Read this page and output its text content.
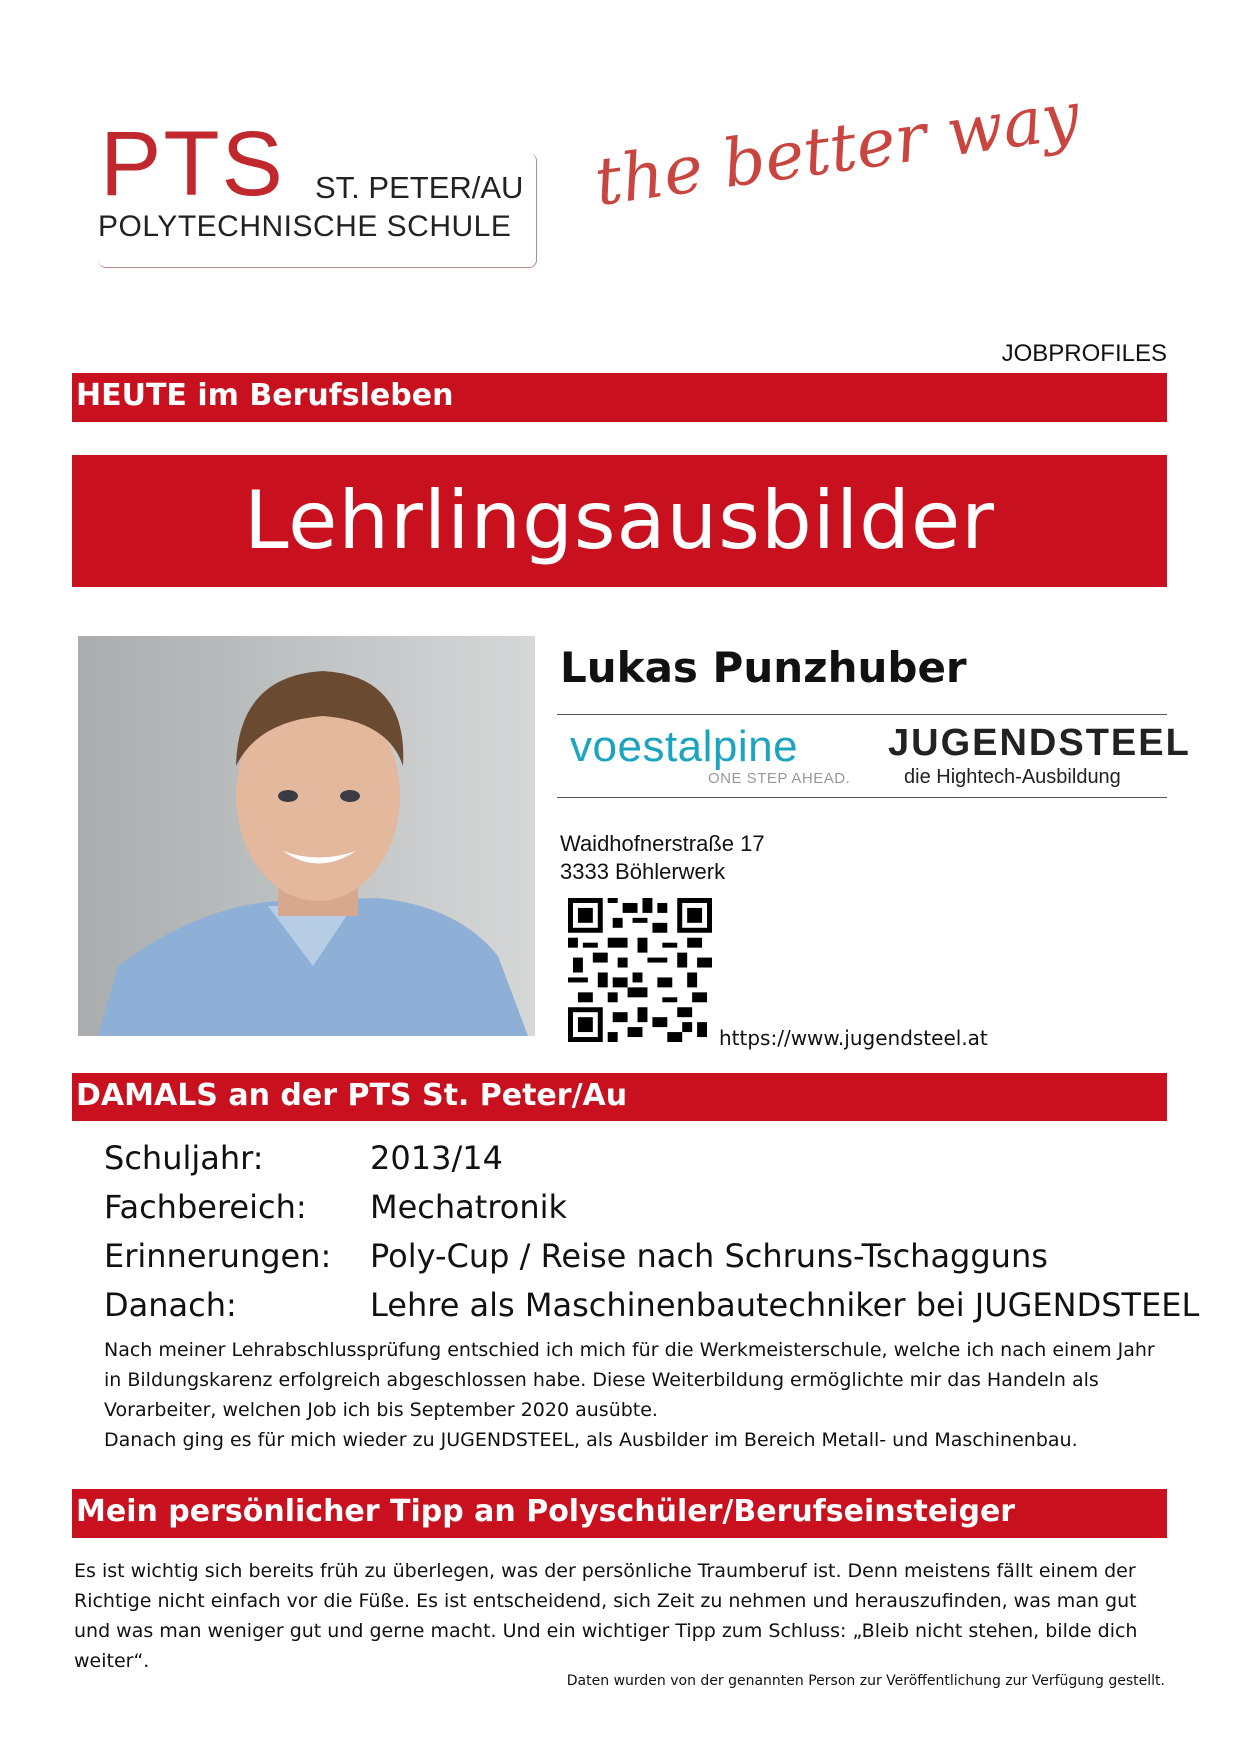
PTS ST. PETER/AU
POLYTECHNISCHE SCHULE
the better way
JOBPROFILES
HEUTE im Berufsleben
Lehrlingsausbilder
Lukas Punzhuber
voestalpine
ONE STEP AHEAD.
JUGENDSTEEL
die Hightech-Ausbildung
Waidhofnerstraße 17
3333 Böhlerwerk
https://www.jugendsteel.at
DAMALS an der PTS St. Peter/Au
Schuljahr:	2013/14
Fachbereich: Mechatronik
Erinnerungen: Poly-Cup / Reise nach Schruns-Tschagguns
Danach:	Lehre als Maschinenbautechniker bei JUGENDSTEEL
Nach meiner Lehrabschlussprüfung entschied ich mich für die Werkmeisterschule, welche ich nach einem Jahr in Bildungskarenz erfolgreich abgeschlossen habe. Diese Weiterbildung ermöglichte mir das Handeln als Vorarbeiter, welchen Job ich bis September 2020 ausübte.
Danach ging es für mich wieder zu JUGENDSTEEL, als Ausbilder im Bereich Metall- und Maschinenbau.
Mein persönlicher Tipp an Polyschüler/Berufseinsteiger
Es ist wichtig sich bereits früh zu überlegen, was der persönliche Traumberuf ist. Denn meistens fällt einem der Richtige nicht einfach vor die Füße. Es ist entscheidend, sich Zeit zu nehmen und herauszufinden, was man gut und was man weniger gut und gerne macht. Und ein wichtiger Tipp zum Schluss: „Bleib nicht stehen, bilde dich weiter“.
Daten wurden von der genannten Person zur Veröffentlichung zur Verfügung gestellt.
